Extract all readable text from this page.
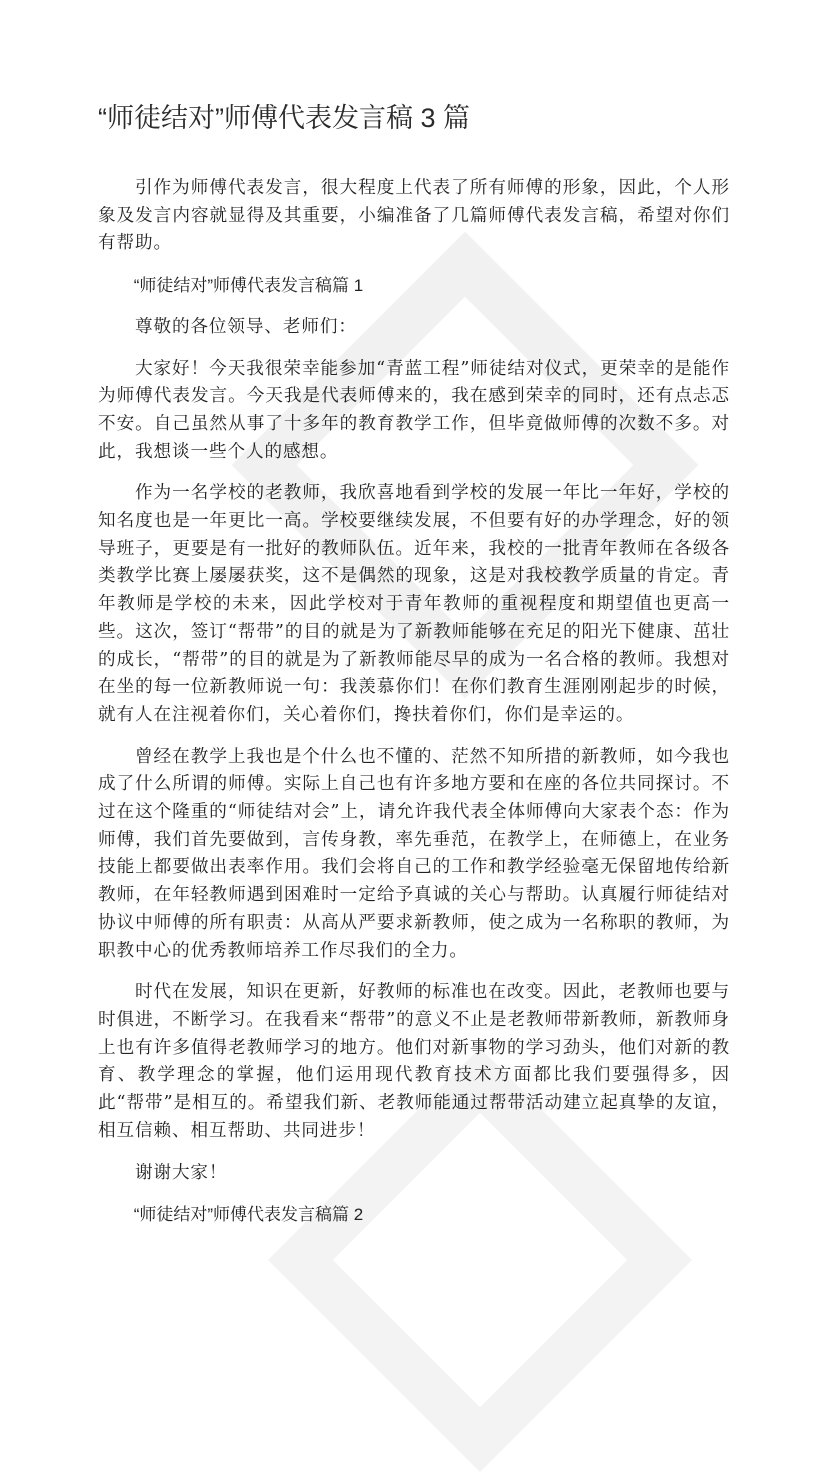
“师徒结对”师傅代表发言稿 3 篇

引作为师傅代表发言，很大程度上代表了所有师傅的形象，因此，个人形象及发言内容就显得及其重要，小编准备了几篇师傅代表发言稿，希望对你们有帮助。

“师徒结对”师傅代表发言稿篇 1

尊敬的各位领导、老师们：

大家好！今天我很荣幸能参加“青蓝工程”师徒结对仪式，更荣幸的是能作为师傅代表发言。今天我是代表师傅来的，我在感到荣幸的同时，还有点忐忑不安。自己虽然从事了十多年的教育教学工作，但毕竟做师傅的次数不多。对此，我想谈一些个人的感想。

作为一名学校的老教师，我欣喜地看到学校的发展一年比一年好，学校的知名度也是一年更比一高。学校要继续发展，不但要有好的办学理念，好的领导班子，更要是有一批好的教师队伍。近年来，我校的一批青年教师在各级各类教学比赛上屡屡获奖，这不是偶然的现象，这是对我校教学质量的肯定。青年教师是学校的未来，因此学校对于青年教师的重视程度和期望值也更高一些。这次，签订“帮带”的目的就是为了新教师能够在充足的阳光下健康、茁壮的成长，“帮带”的目的就是为了新教师能尽早的成为一名合格的教师。我想对在坐的每一位新教师说一句：我羡慕你们！在你们教育生涯刚刚起步的时候，就有人在注视着你们，关心着你们，搀扶着你们，你们是幸运的。

曾经在教学上我也是个什么也不懂的、茫然不知所措的新教师，如今我也成了什么所谓的师傅。实际上自己也有许多地方要和在座的各位共同探讨。不过在这个隆重的“师徒结对会”上，请允许我代表全体师傅向大家表个态：作为师傅，我们首先要做到，言传身教，率先垂范，在教学上，在师德上，在业务技能上都要做出表率作用。我们会将自己的工作和教学经验毫无保留地传给新教师，在年轻教师遇到困难时一定给予真诚的关心与帮助。认真履行师徒结对协议中师傅的所有职责：从高从严要求新教师，使之成为一名称职的教师，为职教中心的优秀教师培养工作尽我们的全力。

时代在发展，知识在更新，好教师的标准也在改变。因此，老教师也要与时俱进，不断学习。在我看来“帮带”的意义不止是老教师带新教师，新教师身上也有许多值得老教师学习的地方。他们对新事物的学习劲头，他们对新的教育、教学理念的掌握，他们运用现代教育技术方面都比我们要强得多，因此“帮带”是相互的。希望我们新、老教师能通过帮带活动建立起真挚的友谊，相互信赖、相互帮助、共同进步！

谢谢大家！

“师徒结对”师傅代表发言稿篇 2
